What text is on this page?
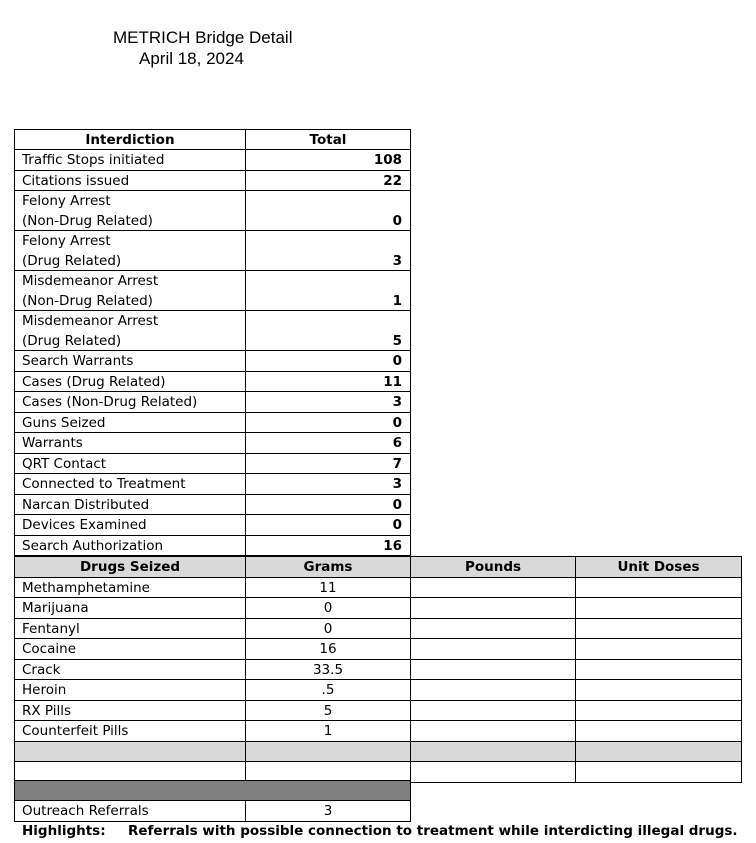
METRICH Bridge Detail
April 18, 2024
Interdiction	Total
Traffic Stops initiated	108
Citations issued	22
Felony Arrest
(Non-Drug Related)	0
Felony Arrest
(Drug Related)	3
Misdemeanor Arrest
(Non-Drug Related)	1
Misdemeanor Arrest
(Drug Related)	5
Search Warrants	0
Cases (Drug Related)	11
Cases (Non-Drug Related)	3
Guns Seized	0
Warrants	6
QRT Contact	7
Connected to Treatment	3
Narcan Distributed	0
Devices Examined	0
Search Authorization	16
Drugs Seized	Grams	Pounds	Unit Doses
Methamphetamine	11
Marijuana	0
Fentanyl	0
Cocaine	16
Crack	33.5
Heroin	.5
RX Pills	5
Counterfeit Pills	1
Outreach Referrals	3
Highlights: Referrals with possible connection to treatment while interdicting illegal drugs.
